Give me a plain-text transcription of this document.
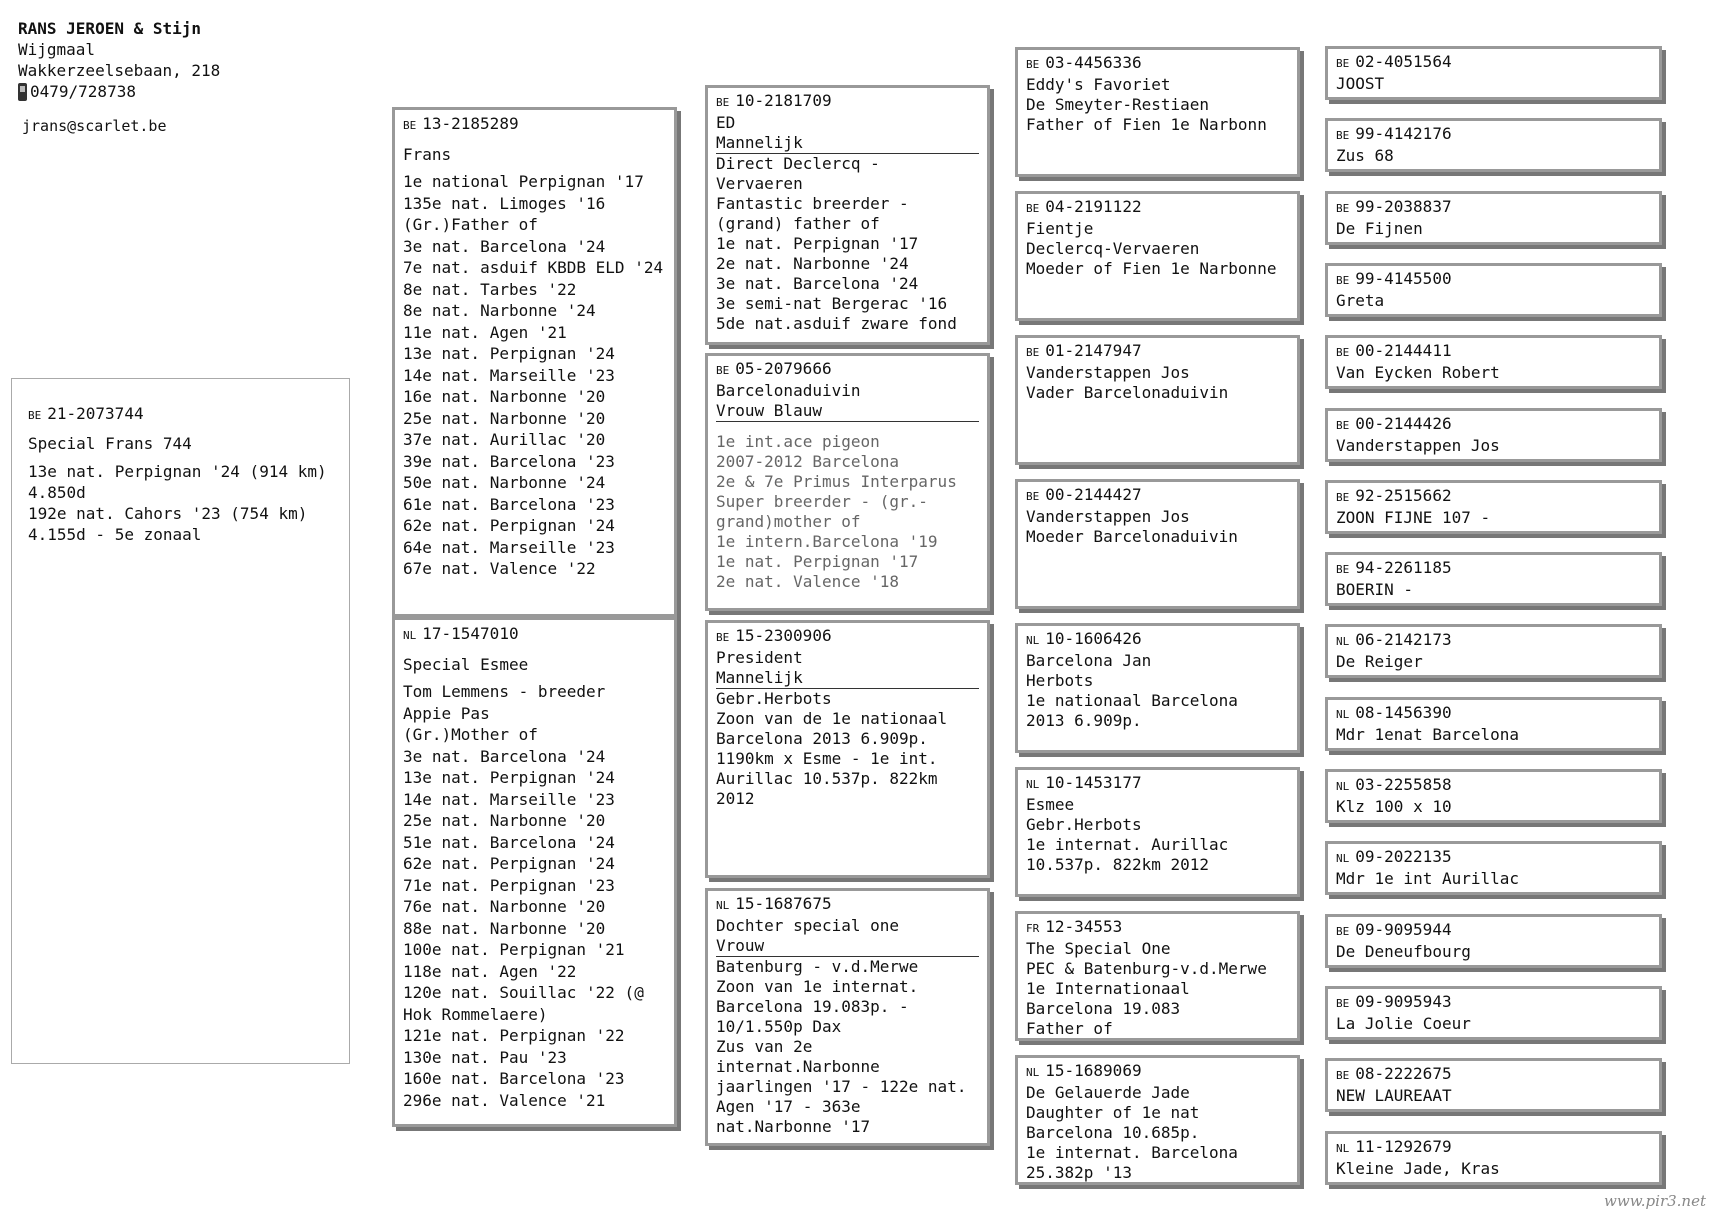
RANS JEROEN & Stijn
Wijgmaal
Wakkerzeelsebaan, 218
0479/728738
jrans@scarlet.be
BE 21-2073744
Special Frans 744
13e nat. Perpignan '24 (914 km) 4.850d
192e nat. Cahors '23 (754 km) 4.155d - 5e zonaal
BE 13-2185289
Frans
1e national Perpignan '17
135e nat. Limoges '16
(Gr.)Father of
3e nat. Barcelona '24
7e nat. asduif KBDB ELD '24
8e nat. Tarbes '22
8e nat. Narbonne '24
11e nat. Agen '21
13e nat. Perpignan '24
14e nat. Marseille '23
16e nat. Narbonne '20
25e nat. Narbonne '20
37e nat. Aurillac '20
39e nat. Barcelona '23
50e nat. Narbonne '24
61e nat. Barcelona '23
62e nat. Perpignan '24
64e nat. Marseille '23
67e nat. Valence '22
NL 17-1547010
Special Esmee
Tom Lemmens - breeder
Appie Pas
(Gr.)Mother of
3e nat. Barcelona '24
13e nat. Perpignan '24
14e nat. Marseille '23
25e nat. Narbonne '20
51e nat. Barcelona '24
62e nat. Perpignan '24
71e nat. Perpignan '23
76e nat. Narbonne '20
88e nat. Narbonne '20
100e nat. Perpignan '21
118e nat. Agen '22
120e nat. Souillac '22 (@
Hok Rommelaere)
121e nat. Perpignan '22
130e nat. Pau '23
160e nat. Barcelona '23
296e nat. Valence '21
BE 10-2181709
ED
Mannelijk
Direct Declercq -
Vervaeren
Fantastic breerder -
(grand) father of
1e nat. Perpignan '17
2e nat. Narbonne '24
3e nat. Barcelona '24
3e semi-nat Bergerac '16
5de nat.asduif zware fond
BE 05-2079666
Barcelonaduivin
Vrouw Blauw
1e int.ace pigeon
2007-2012 Barcelona
2e & 7e Primus Interparus
Super breerder - (gr.-
grand)mother of
1e intern.Barcelona '19
1e nat. Perpignan '17
2e nat. Valence '18
BE 15-2300906
President
Mannelijk
Gebr.Herbots
Zoon van de 1e nationaal
Barcelona 2013 6.909p.
1190km x Esme - 1e int.
Aurillac 10.537p. 822km
2012
NL 15-1687675
Dochter special one
Vrouw
Batenburg - v.d.Merwe
Zoon van 1e internat.
Barcelona 19.083p. -
10/1.550p Dax
Zus van 2e
internat.Narbonne
jaarlingen '17 - 122e nat.
Agen '17 - 363e
nat.Narbonne '17
BE 03-4456336
Eddy's Favoriet
De Smeyter-Restiaen
Father of Fien 1e Narbonn
BE 04-2191122
Fientje
Declercq-Vervaeren
Moeder of Fien 1e Narbonne
BE 01-2147947
Vanderstappen Jos
Vader Barcelonaduivin
BE 00-2144427
Vanderstappen Jos
Moeder Barcelonaduivin
NL 10-1606426
Barcelona Jan
Herbots
1e nationaal Barcelona
2013 6.909p.
NL 10-1453177
Esmee
Gebr.Herbots
1e internat. Aurillac
10.537p. 822km 2012
FR 12-34553
The Special One
PEC & Batenburg-v.d.Merwe
1e Internationaal
Barcelona 19.083
Father of
NL 15-1689069
De Gelauerde Jade
Daughter of 1e nat
Barcelona 10.685p.
1e internat. Barcelona
25.382p '13
BE 02-4051564
JOOST
BE 99-4142176
Zus 68
BE 99-2038837
De Fijnen
BE 99-4145500
Greta
BE 00-2144411
Van Eycken Robert
BE 00-2144426
Vanderstappen Jos
BE 92-2515662
ZOON FIJNE 107 -
BE 94-2261185
BOERIN -
NL 06-2142173
De Reiger
NL 08-1456390
Mdr 1enat Barcelona
NL 03-2255858
Klz 100 x 10
NL 09-2022135
Mdr 1e int Aurillac
BE 09-9095944
De Deneufbourg
BE 09-9095943
La Jolie Coeur
BE 08-2222675
NEW LAUREAAT
NL 11-1292679
Kleine Jade, Kras
www.pir3.net
